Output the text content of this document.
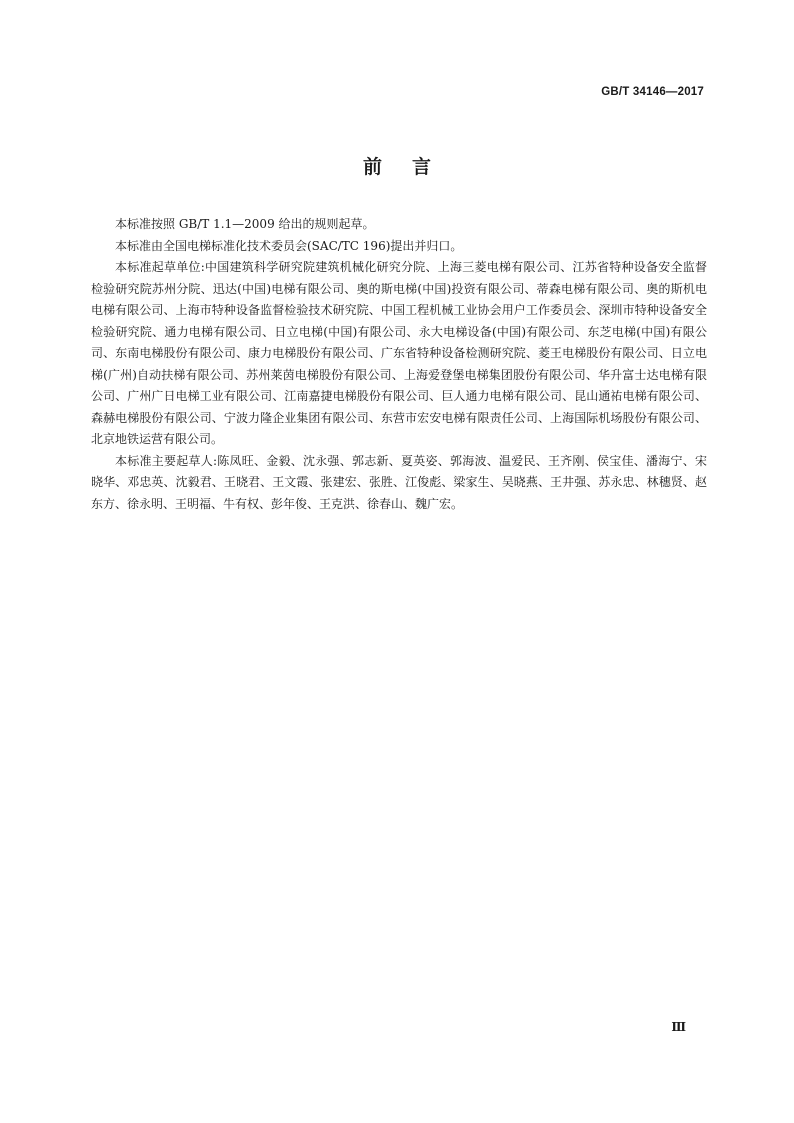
GB/T 34146—2017
前言

本标准按照 GB/T 1.1—2009 给出的规则起草。

本标准由全国电梯标准化技术委员会(SAC/TC 196)提出并归口。

本标准起草单位:中国建筑科学研究院建筑机械化研究分院、上海三菱电梯有限公司、江苏省特种设备安全监督检验研究院苏州分院、迅达(中国)电梯有限公司、奥的斯电梯(中国)投资有限公司、蒂森电梯有限公司、奥的斯机电电梯有限公司、上海市特种设备监督检验技术研究院、中国工程机械工业协会用户工作委员会、深圳市特种设备安全检验研究院、通力电梯有限公司、日立电梯(中国)有限公司、永大电梯设备(中国)有限公司、东芝电梯(中国)有限公司、东南电梯股份有限公司、康力电梯股份有限公司、广东省特种设备检测研究院、菱王电梯股份有限公司、日立电梯(广州)自动扶梯有限公司、苏州莱茵电梯股份有限公司、上海爱登堡电梯集团股份有限公司、华升富士达电梯有限公司、广州广日电梯工业有限公司、江南嘉捷电梯股份有限公司、巨人通力电梯有限公司、昆山通祐电梯有限公司、森赫电梯股份有限公司、宁波力隆企业集团有限公司、东营市宏安电梯有限责任公司、上海国际机场股份有限公司、北京地铁运营有限公司。

本标准主要起草人:陈凤旺、金毅、沈永强、郭志新、夏英姿、郭海波、温爱民、王齐刚、侯宝佳、潘海宁、宋晓华、邓忠英、沈毅君、王晓君、王文霞、张建宏、张胜、江俊彪、梁家生、吴晓燕、王井强、苏永忠、林穗贤、赵东方、徐永明、王明福、牛有权、彭年俊、王克洪、徐春山、魏广宏。

Ⅲ
